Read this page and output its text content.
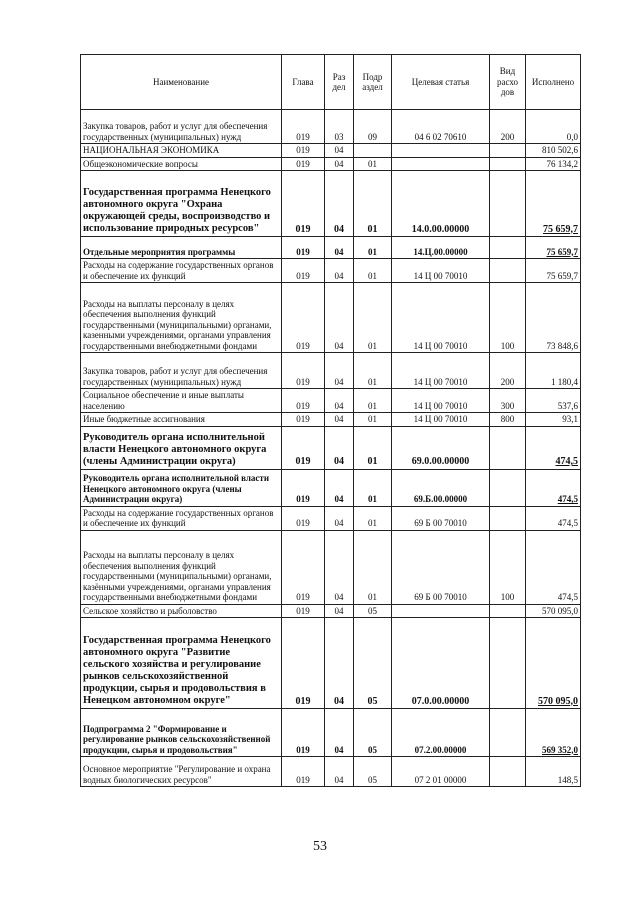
Наименование	Глава	Раз дел	Подр аздел	Целевая статья	Вид расхо дов	Исполнено
Закупка товаров, работ и услуг для обеспечения государственных (муниципальных) нужд	019	03	09	04 6 02 70610	200	0,0
НАЦИОНАЛЬНАЯ ЭКОНОМИКА	019	04				810 502,6
Общеэкономические вопросы	019	04	01			76 134,2
Государственная программа Ненецкого автономного округа "Охрана окружающей среды, воспроизводство и использование природных ресурсов"	019	04	01	14.0.00.00000		75 659,7
Отдельные мероприятия программы	019	04	01	14.Ц.00.00000		75 659,7
Расходы на содержание государственных органов и обеспечение их функций	019	04	01	14 Ц 00 70010		75 659,7
Расходы на выплаты персоналу в целях обеспечения выполнения функций государственными (муниципальными) органами, казенными учреждениями, органами управления государственными внебюджетными фондами	019	04	01	14 Ц 00 70010	100	73 848,6
Закупка товаров, работ и услуг для обеспечения государственных (муниципальных) нужд	019	04	01	14 Ц 00 70010	200	1 180,4
Социальное обеспечение и иные выплаты населению	019	04	01	14 Ц 00 70010	300	537,6
Иные бюджетные ассигнования	019	04	01	14 Ц 00 70010	800	93,1
Руководитель органа исполнительной власти Ненецкого автономного округа (члены Администрации округа)	019	04	01	69.0.00.00000		474,5
Руководитель органа исполнительной власти Ненецкого автономного округа (члены Администрации округа)	019	04	01	69.Б.00.00000		474,5
Расходы на содержание государственных органов и обеспечение их функций	019	04	01	69 Б 00 70010		474,5
Расходы на выплаты персоналу в целях обеспечения выполнения функций государственными (муниципальными) органами, казёнными учреждениями, органами управления государственными внебюджетными фондами	019	04	01	69 Б 00 70010	100	474,5
Сельское хозяйство и рыболовство	019	04	05			570 095,0
Государственная программа Ненецкого автономного округа "Развитие сельского хозяйства и регулирование рынков сельскохозяйственной продукции, сырья и продовольствия в Ненецком автономном округе"	019	04	05	07.0.00.00000		570 095,0
Подпрограмма 2 "Формирование и регулирование рынков сельскохозяйственной продукции, сырья и продовольствия"	019	04	05	07.2.00.00000		569 352,0
Основное мероприятие "Регулирование и охрана водных биологических ресурсов"	019	04	05	07 2 01 00000		148,5
53
